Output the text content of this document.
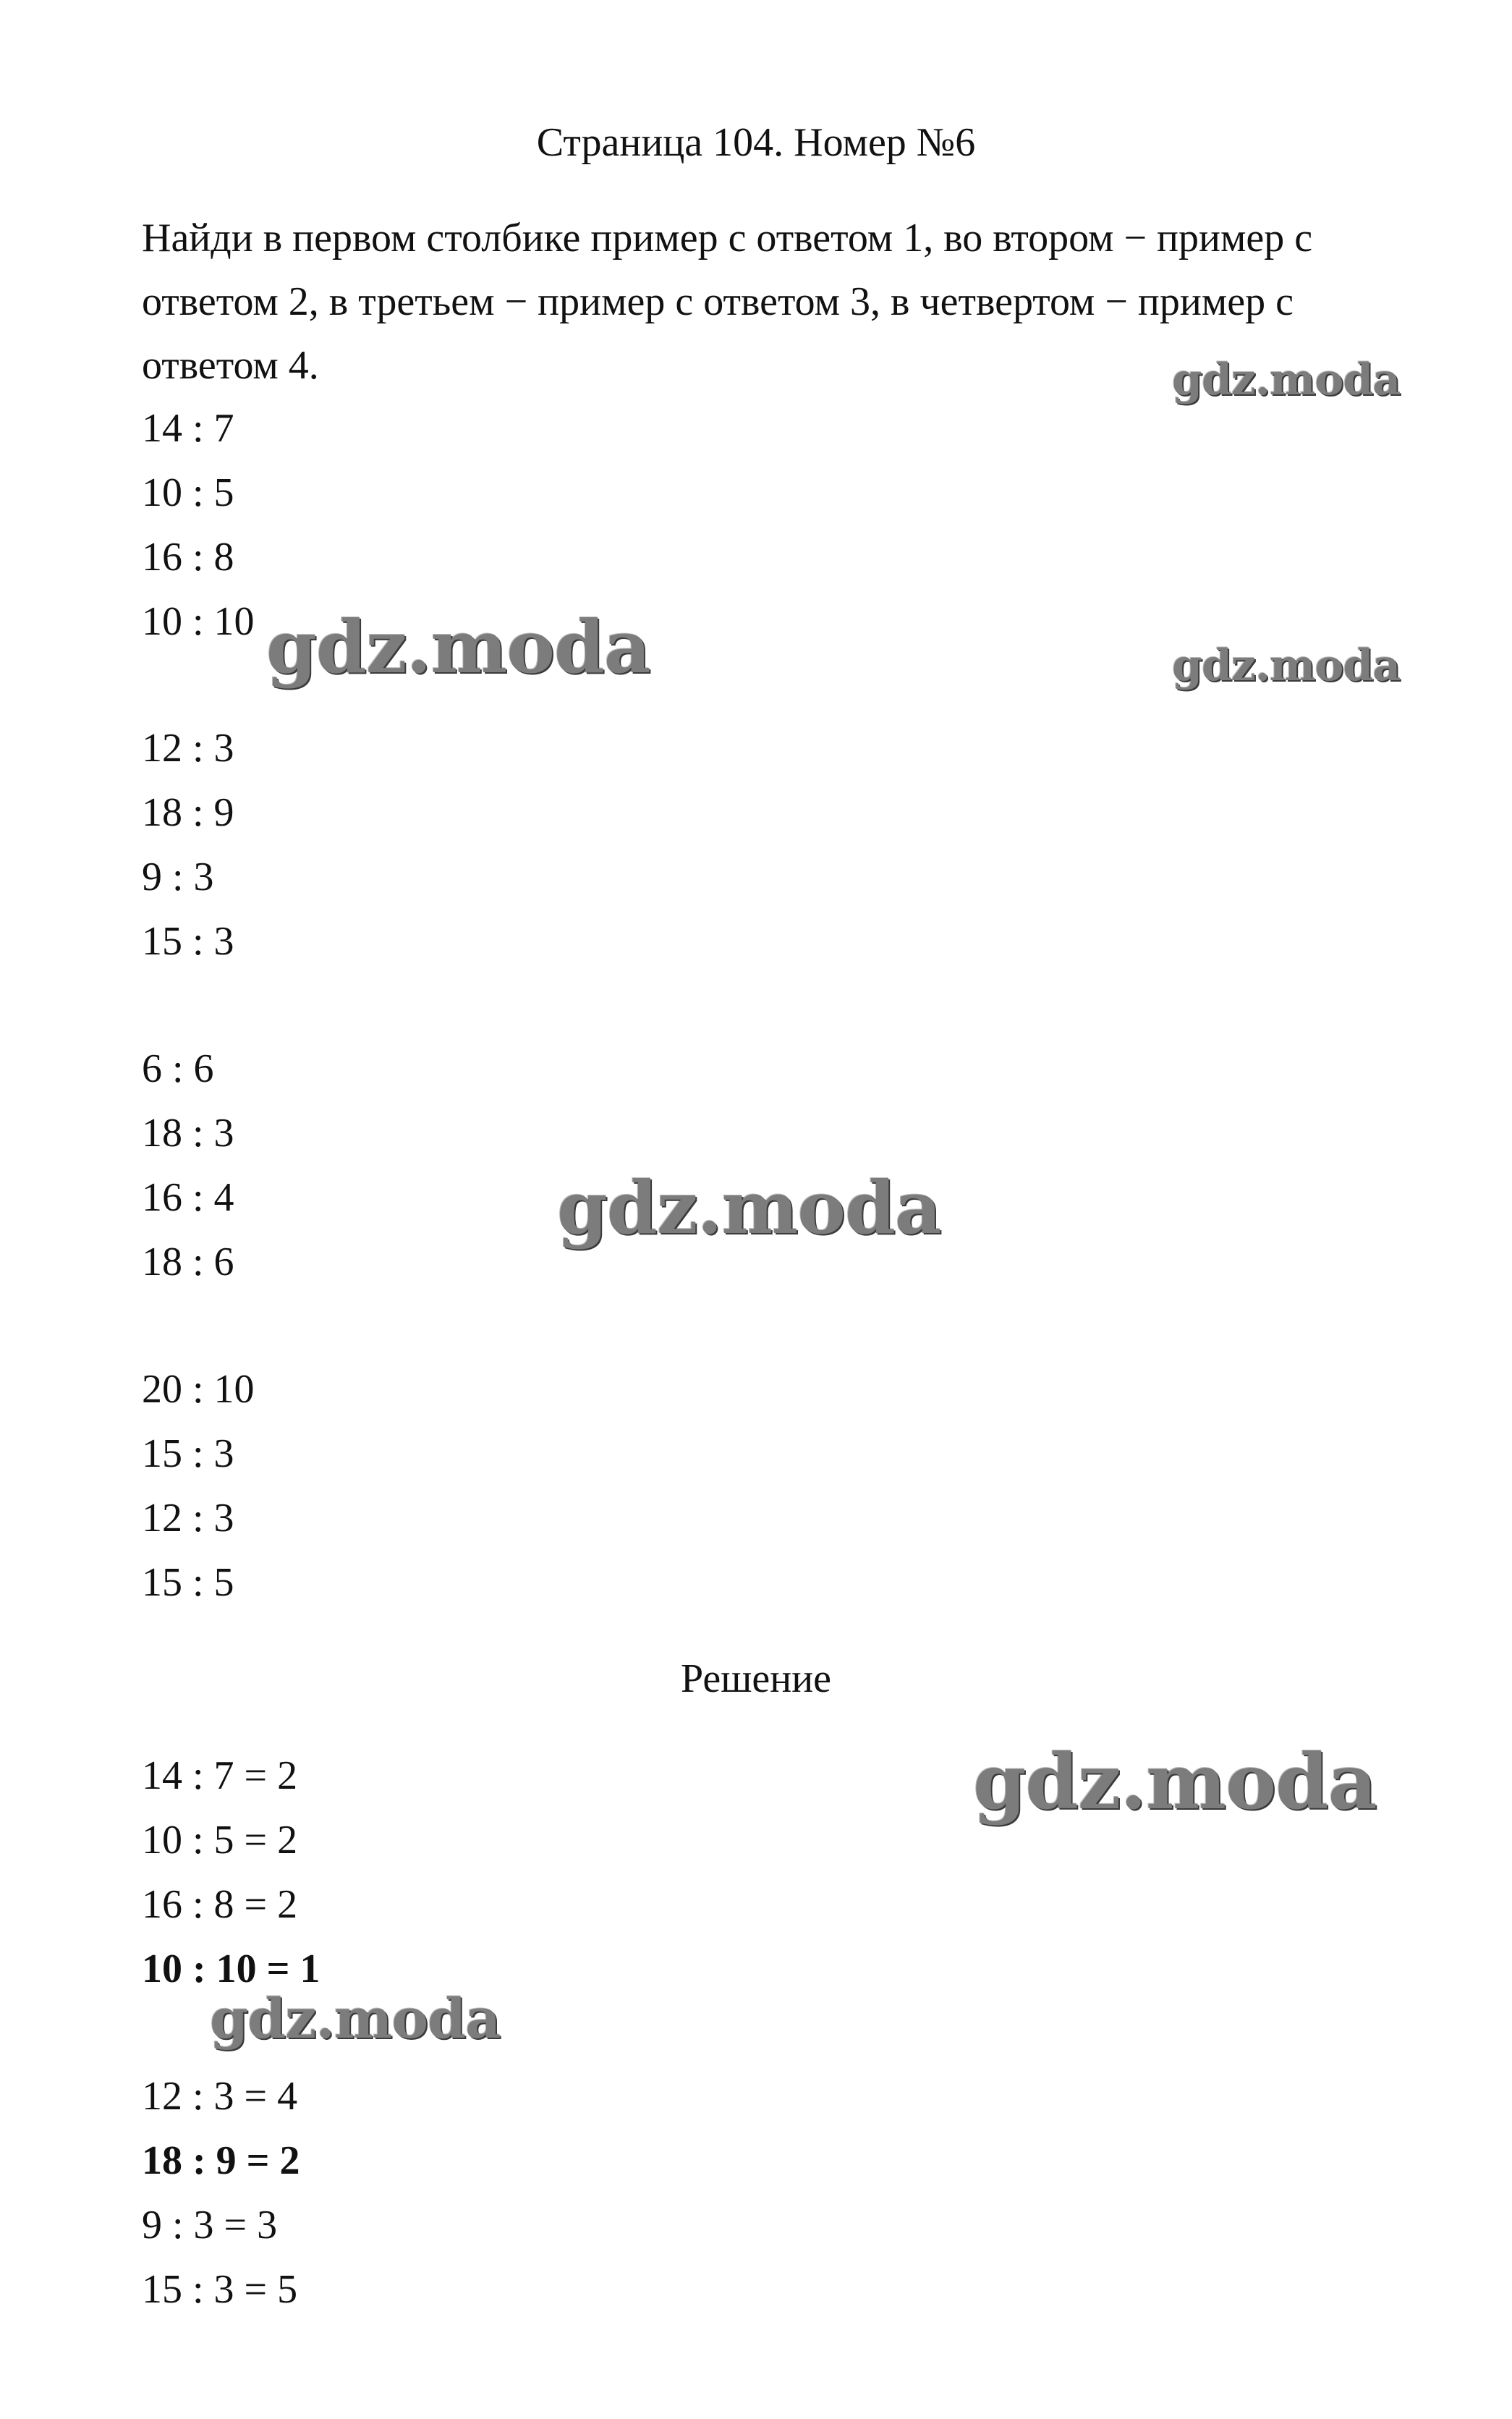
Страница 104. Номер №6

Найди в первом столбике пример с ответом 1, во втором − пример с

ответом 2, в третьем − пример с ответом 3, в четвертом − пример с

ответом 4.

14 : 7
10 : 5
16 : 8
10 : 10
12 : 3
18 : 9
9 : 3
15 : 3
6 : 6
18 : 3
16 : 4
18 : 6
20 : 10
15 : 3
12 : 3
15 : 5
Решение
14 : 7 = 2
10 : 5 = 2
16 : 8 = 2
10 : 10 = 1
12 : 3 = 4
18 : 9 = 2
9 : 3 = 3
15 : 3 = 5
gdz.moda
gdz.moda	gdz.moda
gdz.moda
gdz.moda
gdz.moda
